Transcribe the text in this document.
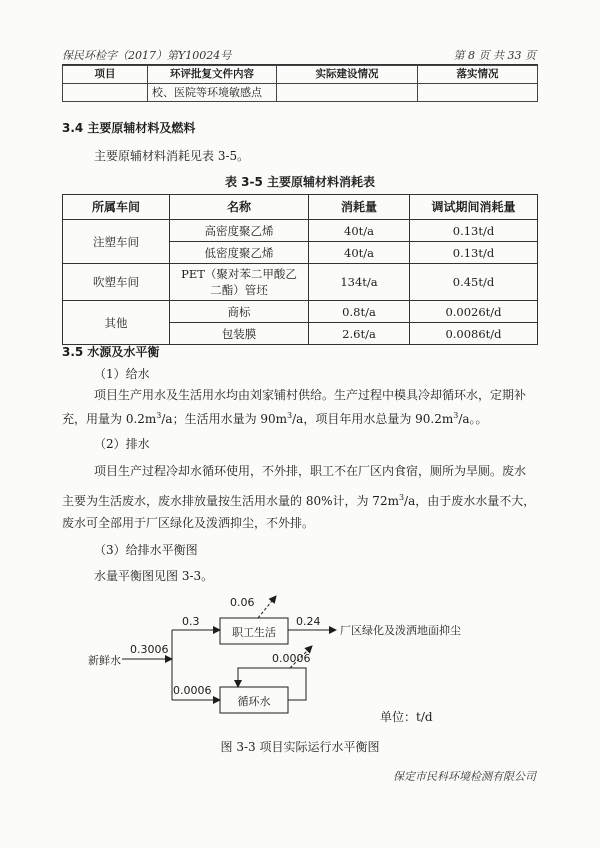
保民环检字（2017）第Y10024号	第 8 页 共 33 页
项目	环评批复文件内容	实际建设情况	落实情况
	校、医院等环境敏感点		
3.4 主要原辅材料及燃料
主要原辅材料消耗见表 3-5。
表 3-5 主要原辅材料消耗表
所属车间	名称	消耗量	调试期间消耗量
注塑车间	高密度聚乙烯	40t/a	0.13t/d
	低密度聚乙烯	40t/a	0.13t/d
吹塑车间	PET（聚对苯二甲酸乙二酯）管坯	134t/a	0.45t/d
其他	商标	0.8t/a	0.0026t/d
	包装膜	2.6t/a	0.0086t/d
3.5 水源及水平衡
（1）给水
项目生产用水及生活用水均由刘家铺村供给。生产过程中模具冷却循环水，定期补
充，用量为 $0.2m^3/a$；生活用水量为 $90m^3/a$，项目年用水总量为 $90.2m^3/a$。。
（2）排水
项目生产过程冷却水循环使用，不外排，职工不在厂区内食宿，厕所为旱厕。废水
主要为生活废水，废水排放量按生活用水量的 80%计，为 $72m^3/a$，由于废水水量不大，
废水可全部用于厂区绿化及泼洒抑尘，不外排。
（3）给排水平衡图
水量平衡图见图 3-3。
新鲜水
0.3006
0.3
职工生活
0.06
0.24
厂区绿化及泼洒地面抑尘
0.0006
循环水
0.0006
单位：t/d
图 3-3 项目实际运行水平衡图
保定市民科环境检测有限公司
